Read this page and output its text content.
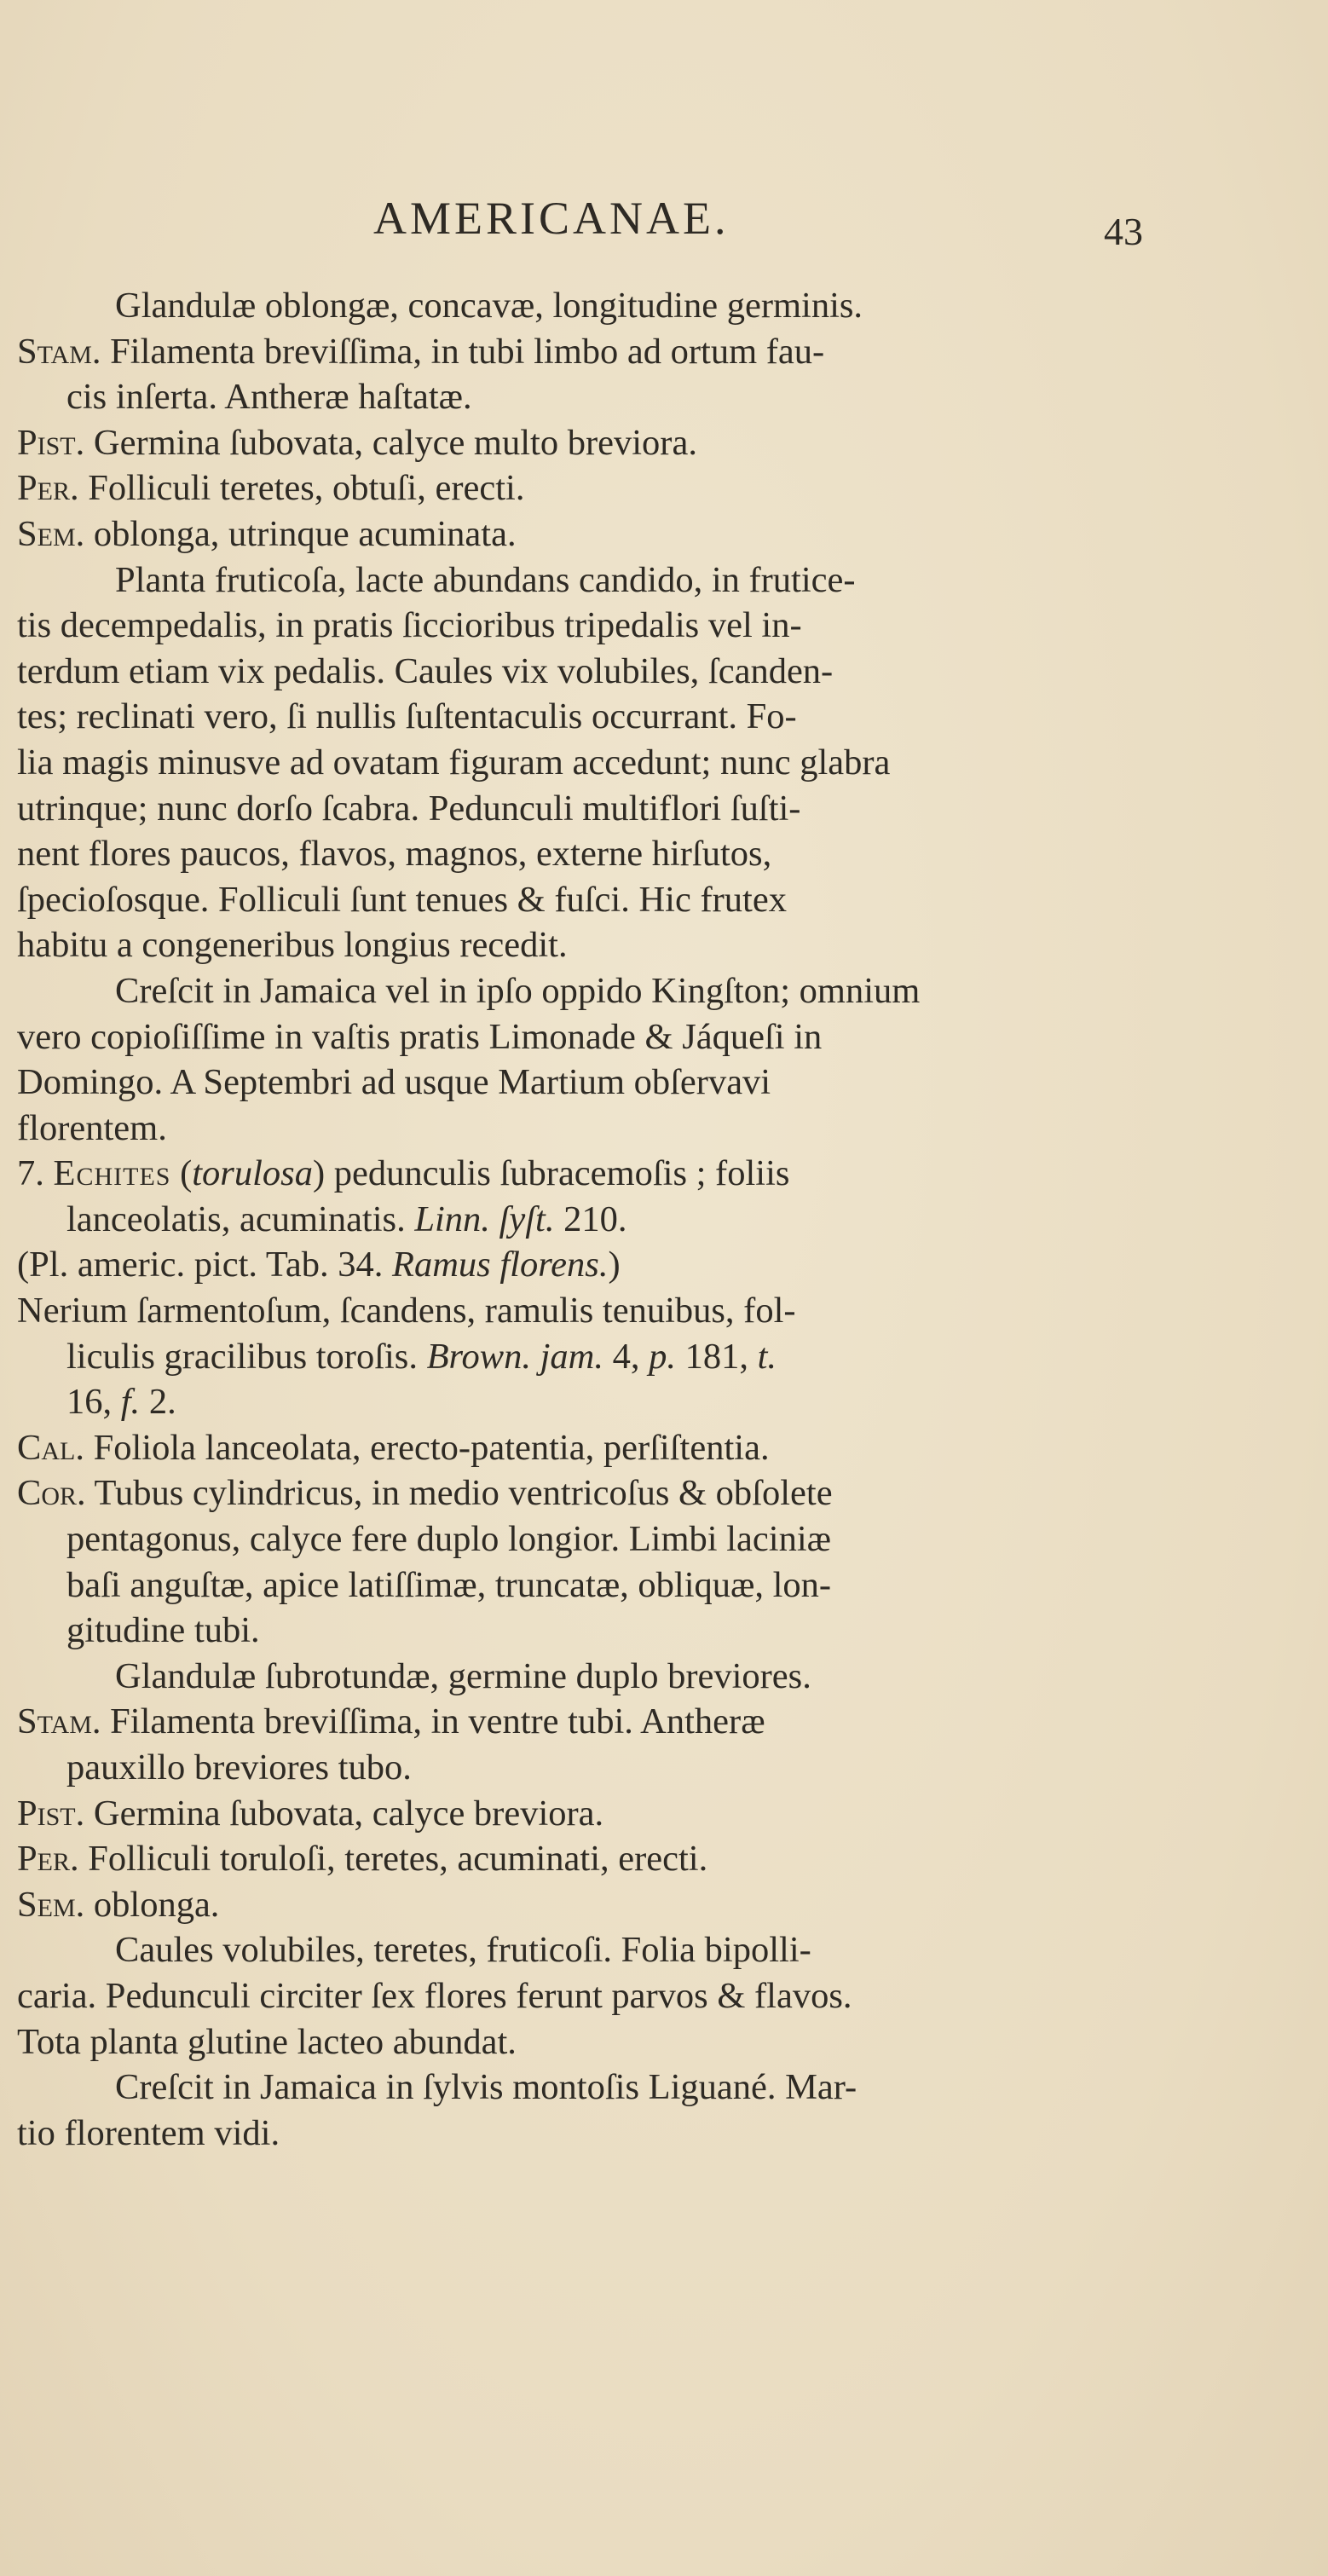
AMERICANAE.	43

Glandulæ oblongæ, concavæ, longitudine germinis.

Stam. Filamenta breviſſima, in tubi limbo ad ortum fau-

cis inſerta. Antheræ haſtatæ.

Pist. Germina ſubovata, calyce multo breviora.

Per. Folliculi teretes, obtuſi, erecti.

Sem. oblonga, utrinque acuminata.

Planta fruticoſa, lacte abundans candido, in frutice-

tis decempedalis, in pratis ſiccioribus tripedalis vel in-

terdum etiam vix pedalis. Caules vix volubiles, ſcanden-

tes; reclinati vero, ſi nullis ſuſtentaculis occurrant. Fo-

lia magis minusve ad ovatam figuram accedunt; nunc glabra

utrinque; nunc dorſo ſcabra. Pedunculi multiflori ſuſti-

nent flores paucos, flavos, magnos, externe hirſutos,

ſpecioſosque. Folliculi ſunt tenues & fuſci. Hic frutex

habitu a congeneribus longius recedit.

Creſcit in Jamaica vel in ipſo oppido Kingſton; omnium

vero copioſiſſime in vaſtis pratis Limonade & Jáqueſi in

Domingo. A Septembri ad usque Martium obſervavi

florentem.

7. Echites (torulosa) pedunculis ſubracemoſis ; foliis

lanceolatis, acuminatis. Linn. ſyſt. 210.

(Pl. americ. pict. Tab. 34. Ramus florens.)

Nerium ſarmentoſum, ſcandens, ramulis tenuibus, fol-

liculis gracilibus toroſis. Brown. jam. 4, p. 181, t.

16, f. 2.

Cal. Foliola lanceolata, erecto-patentia, perſiſtentia.

Cor. Tubus cylindricus, in medio ventricoſus & obſolete

pentagonus, calyce fere duplo longior. Limbi laciniæ

baſi anguſtæ, apice latiſſimæ, truncatæ, obliquæ, lon-

gitudine tubi.

Glandulæ ſubrotundæ, germine duplo breviores.

Stam. Filamenta breviſſima, in ventre tubi. Antheræ

pauxillo breviores tubo.

Pist. Germina ſubovata, calyce breviora.

Per. Folliculi toruloſi, teretes, acuminati, erecti.

Sem. oblonga.

Caules volubiles, teretes, fruticoſi. Folia bipolli-

caria. Pedunculi circiter ſex flores ferunt parvos & flavos.

Tota planta glutine lacteo abundat.

Creſcit in Jamaica in ſylvis montoſis Liguané. Mar-

tio florentem vidi.
